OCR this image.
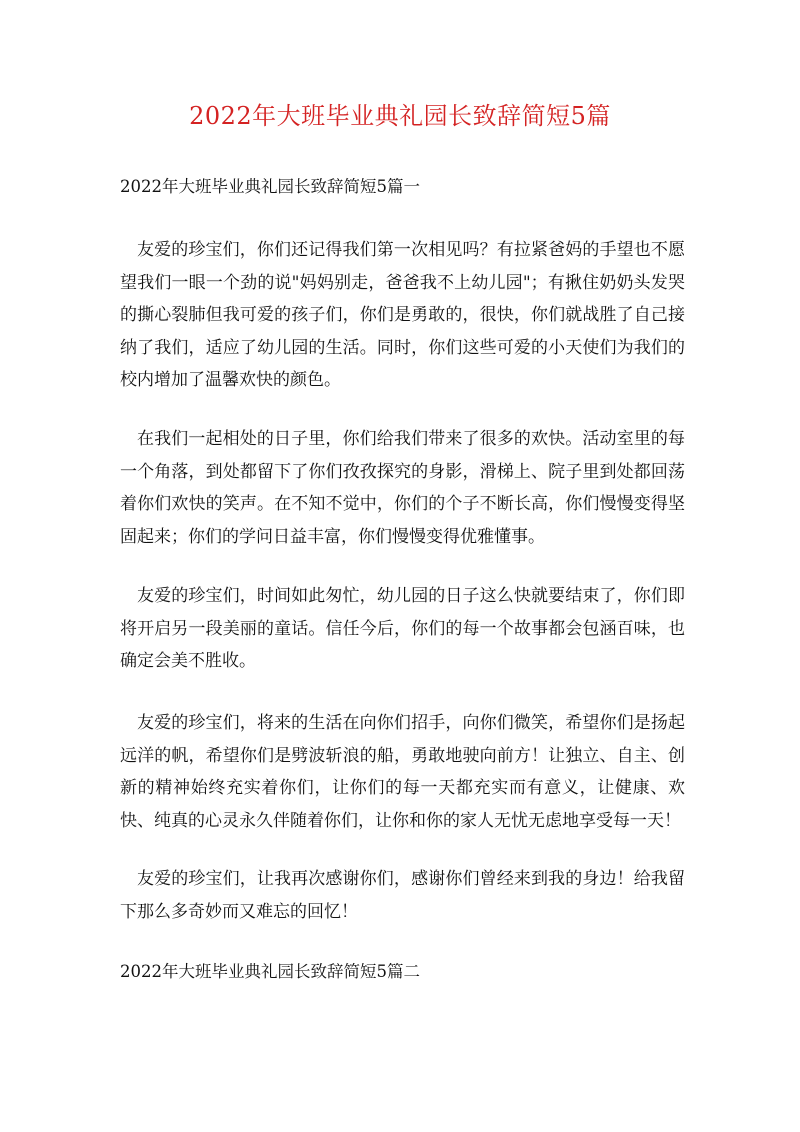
2022年大班毕业典礼园长致辞简短5篇
2022年大班毕业典礼园长致辞简短5篇一

友爱的珍宝们，你们还记得我们第一次相见吗？有拉紧爸妈的手望也不愿望我们一眼一个劲的说"妈妈别走，爸爸我不上幼儿园"；有揪住奶奶头发哭的撕心裂肺但我可爱的孩子们，你们是勇敢的，很快，你们就战胜了自己接纳了我们，适应了幼儿园的生活。同时，你们这些可爱的小天使们为我们的校内增加了温馨欢快的颜色。

在我们一起相处的日子里，你们给我们带来了很多的欢快。活动室里的每一个角落，到处都留下了你们孜孜探究的身影，滑梯上、院子里到处都回荡着你们欢快的笑声。在不知不觉中，你们的个子不断长高，你们慢慢变得坚固起来；你们的学问日益丰富，你们慢慢变得优雅懂事。

友爱的珍宝们，时间如此匆忙，幼儿园的日子这么快就要结束了，你们即将开启另一段美丽的童话。信任今后，你们的每一个故事都会包涵百味，也确定会美不胜收。

友爱的珍宝们，将来的生活在向你们招手，向你们微笑，希望你们是扬起远洋的帆，希望你们是劈波斩浪的船，勇敢地驶向前方！让独立、自主、创新的精神始终充实着你们，让你们的每一天都充实而有意义，让健康、欢快、纯真的心灵永久伴随着你们，让你和你的家人无忧无虑地享受每一天！

友爱的珍宝们，让我再次感谢你们，感谢你们曾经来到我的身边！给我留下那么多奇妙而又难忘的回忆！

2022年大班毕业典礼园长致辞简短5篇二
